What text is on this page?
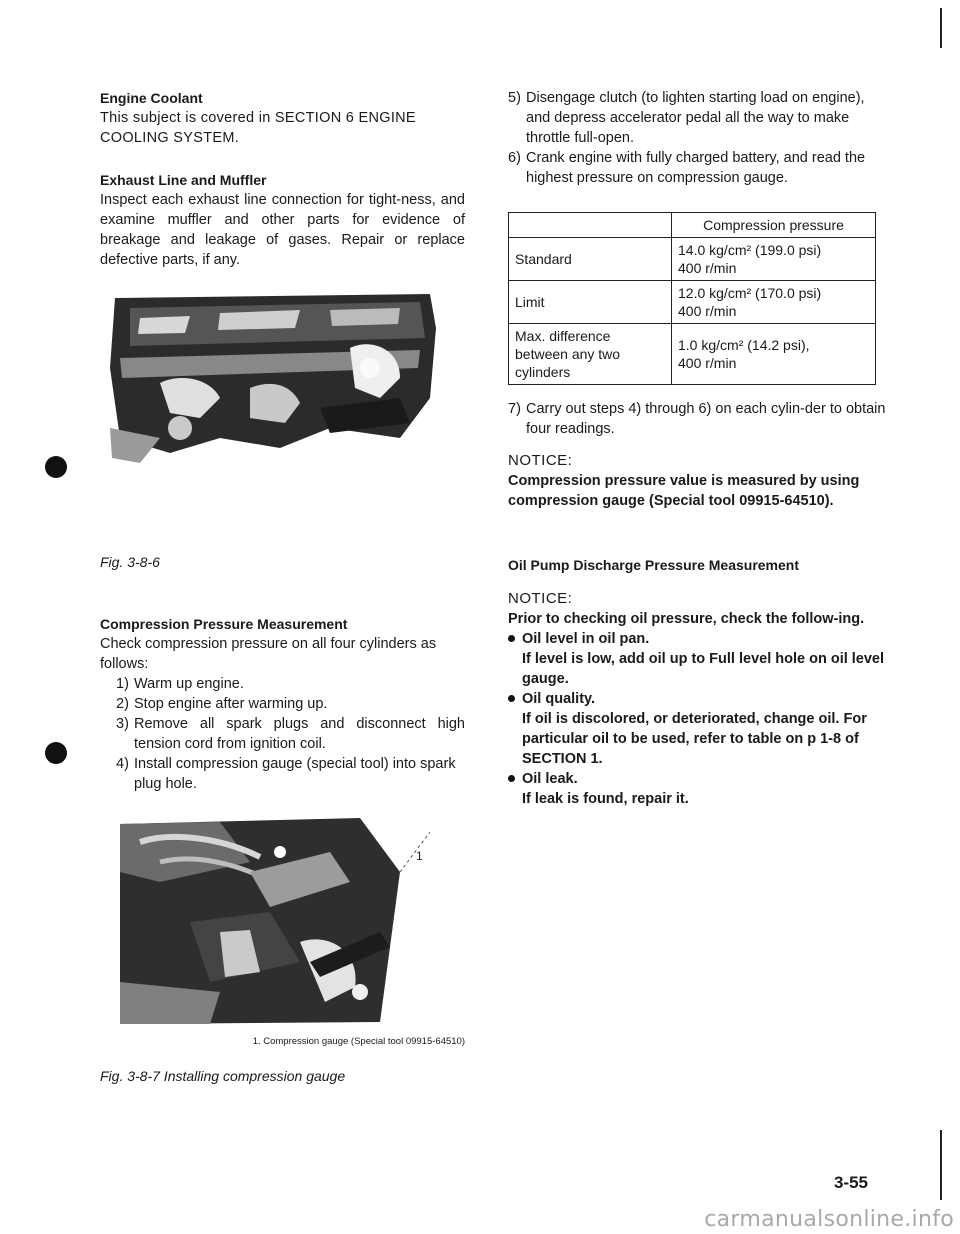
Engine Coolant

This subject is covered in SECTION 6 ENGINE COOLING SYSTEM.

Exhaust Line and Muffler

Inspect each exhaust line connection for tight-ness, and examine muffler and other parts for evidence of breakage and leakage of gases. Repair or replace defective parts, if any.

Fig. 3-8-6

Compression Pressure Measurement

Check compression pressure on all four cylinders as follows:

1) Warm up engine.
2) Stop engine after warming up.
3) Remove all spark plugs and disconnect high tension cord from ignition coil.
4) Install compression gauge (special tool) into spark plug hole.
1

1. Compression gauge (Special tool 09915-64510)

Fig. 3-8-7 Installing compression gauge

5) Disengage clutch (to lighten starting load on engine), and depress accelerator pedal all the way to make throttle full-open.
6) Crank engine with fully charged battery, and read the highest pressure on compression gauge.
	Compression pressure
Standard	14.0 kg/cm² (199.0 psi)
400 r/min

Limit	12.0 kg/cm² (170.0 psi)
400 r/min

Max. difference between any two cylinders	1.0 kg/cm² (14.2 psi),
400 r/min
7) Carry out steps 4) through 6) on each cylin-der to obtain four readings.

NOTICE:

Compression pressure value is measured by using compression gauge (Special tool 09915-64510).

Oil Pump Discharge Pressure Measurement

NOTICE:

Prior to checking oil pressure, check the follow-ing.

Oil level in oil pan.
If level is low, add oil up to Full level hole on oil level gauge.
Oil quality.
If oil is discolored, or deteriorated, change oil. For particular oil to be used, refer to table on p 1-8 of SECTION 1.
Oil leak.
If leak is found, repair it.
3-55
carmanualsonline.info
